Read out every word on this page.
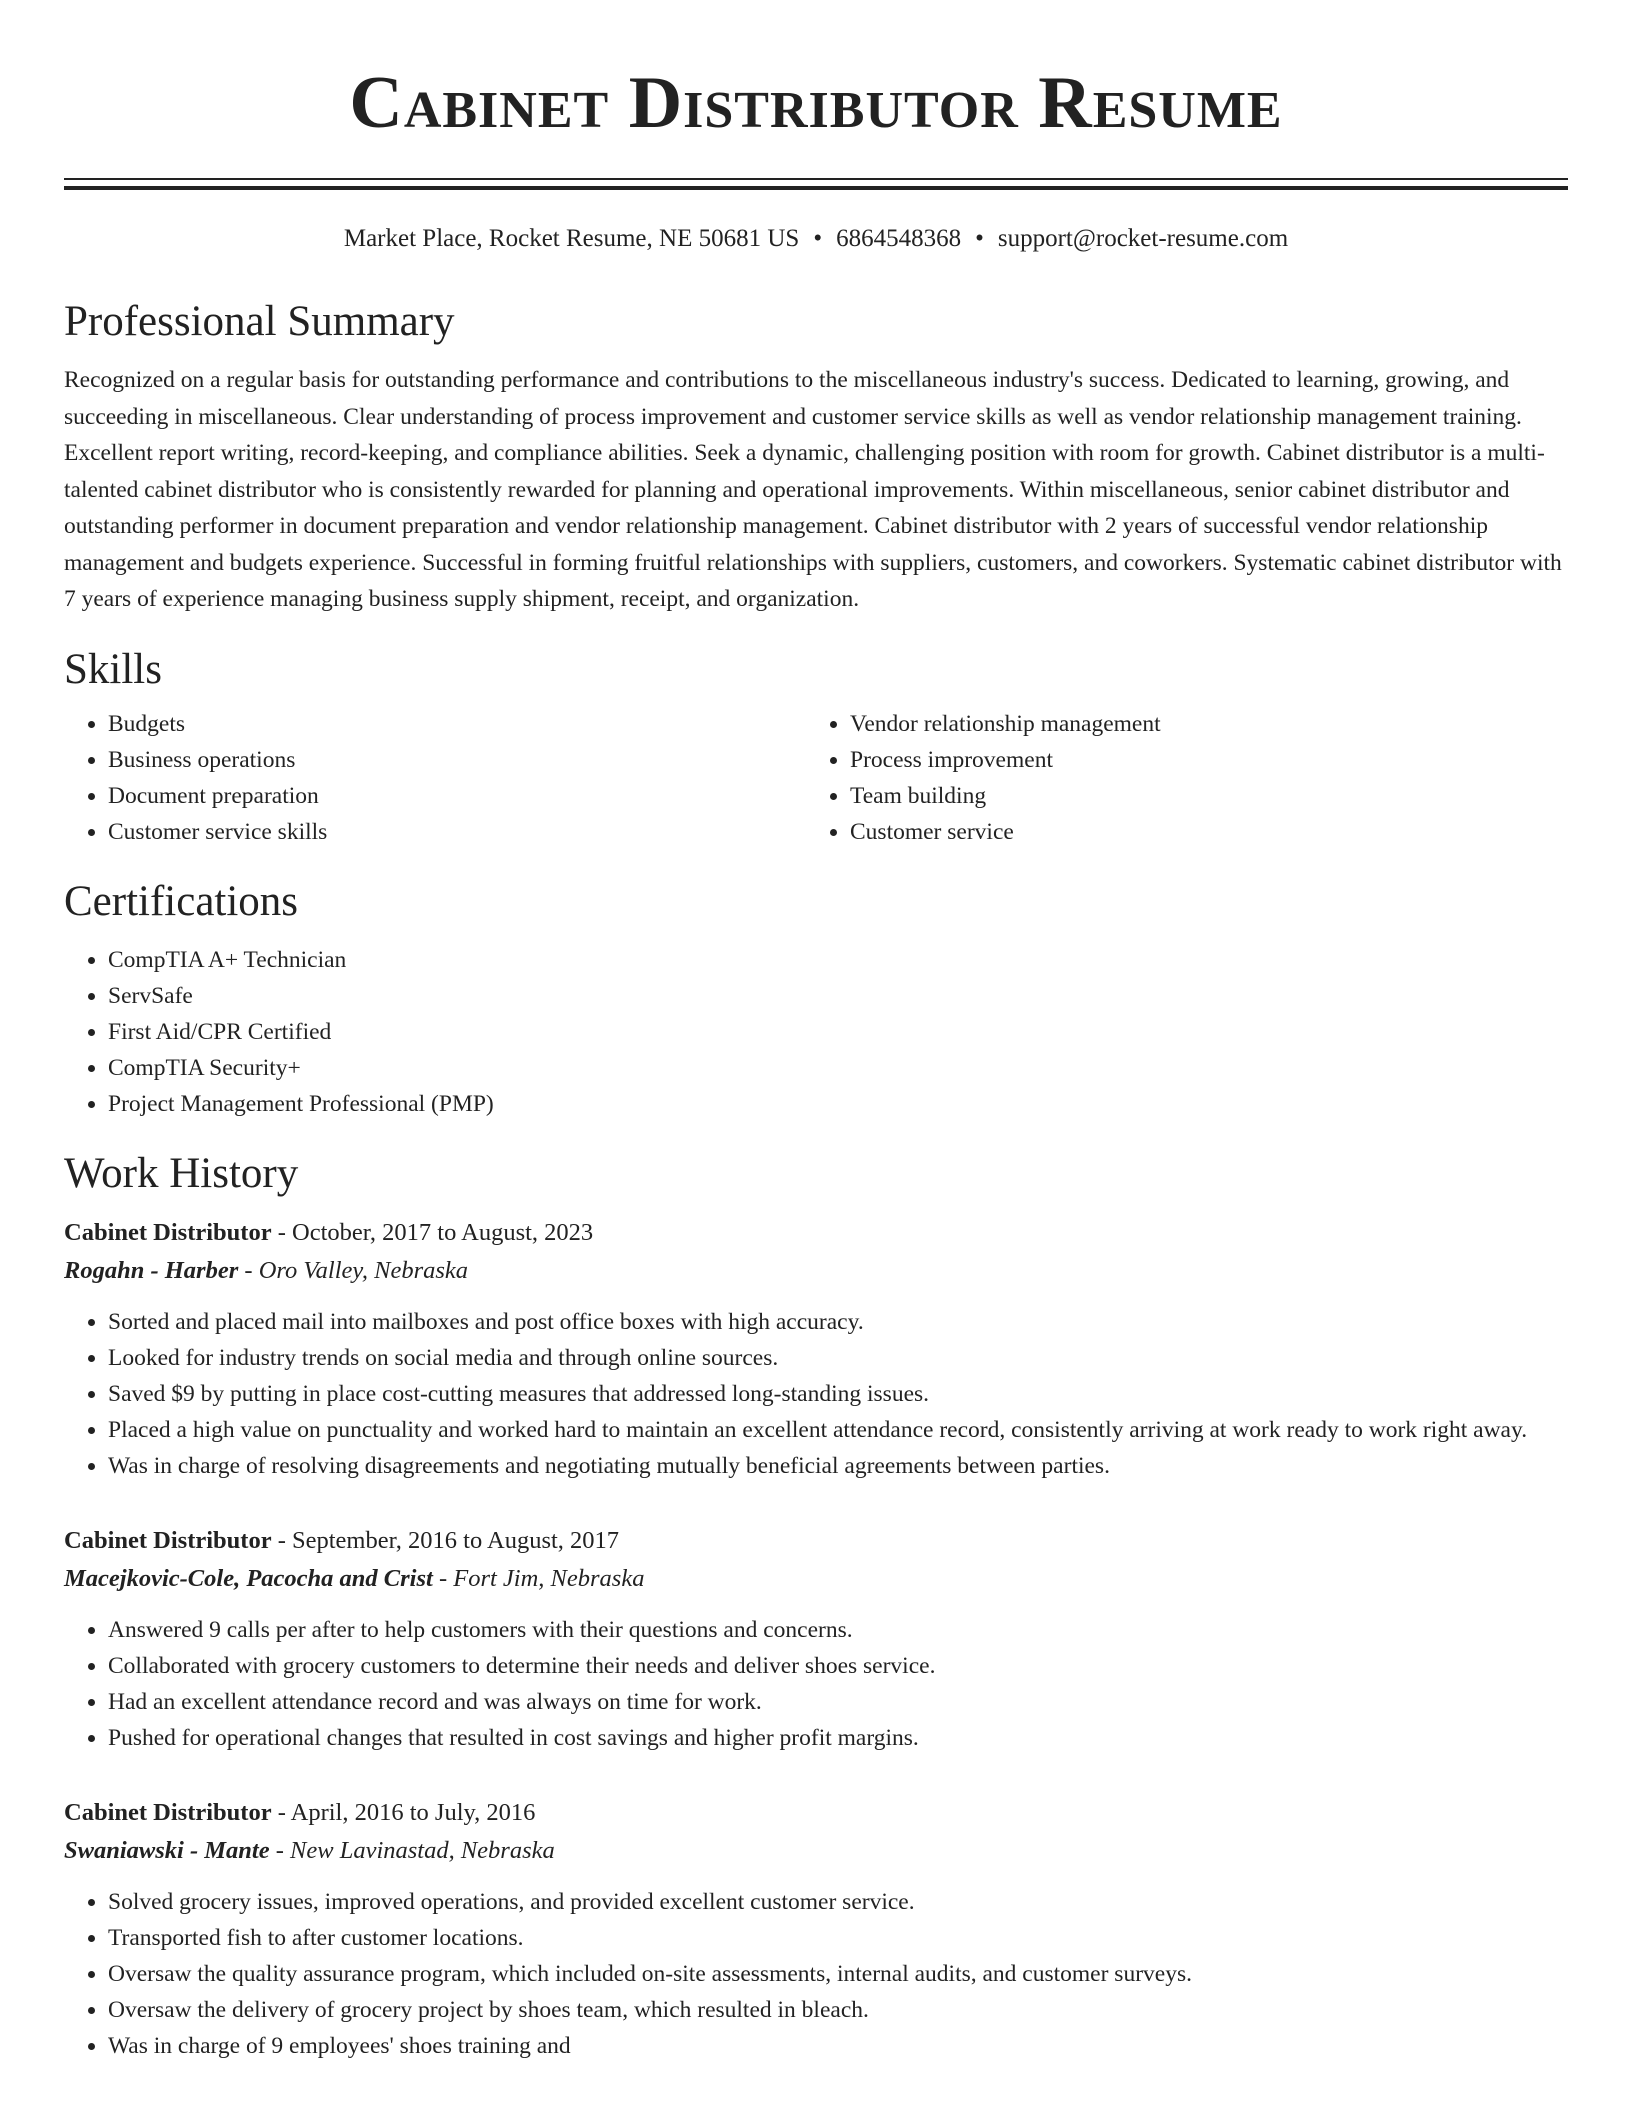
Cabinet Distributor Resume
Market Place, Rocket Resume, NE 50681 US • 6864548368 • support@rocket-resume.com
Professional Summary

Recognized on a regular basis for outstanding performance and contributions to the miscellaneous industry's success. Dedicated to learning, growing, and succeeding in miscellaneous. Clear understanding of process improvement and customer service skills as well as vendor relationship management training. Excellent report writing, record-keeping, and compliance abilities. Seek a dynamic, challenging position with room for growth. Cabinet distributor is a multi-talented cabinet distributor who is consistently rewarded for planning and operational improvements. Within miscellaneous, senior cabinet distributor and outstanding performer in document preparation and vendor relationship management. Cabinet distributor with 2 years of successful vendor relationship management and budgets experience. Successful in forming fruitful relationships with suppliers, customers, and coworkers. Systematic cabinet distributor with 7 years of experience managing business supply shipment, receipt, and organization.

Skills
• Budgets
• Business operations
• Document preparation
• Customer service skills
• Vendor relationship management
• Process improvement
• Team building
• Customer service
Certifications
• CompTIA A+ Technician
• ServSafe
• First Aid/CPR Certified
• CompTIA Security+
• Project Management Professional (PMP)
Work History
Cabinet Distributor - October, 2017 to August, 2023
Rogahn - Harber - Oro Valley, Nebraska
• Sorted and placed mail into mailboxes and post office boxes with high accuracy.
• Looked for industry trends on social media and through online sources.
• Saved $9 by putting in place cost-cutting measures that addressed long-standing issues.
• Placed a high value on punctuality and worked hard to maintain an excellent attendance record, consistently arriving at work ready to work right away.
• Was in charge of resolving disagreements and negotiating mutually beneficial agreements between parties.
Cabinet Distributor - September, 2016 to August, 2017
Macejkovic-Cole, Pacocha and Crist - Fort Jim, Nebraska
• Answered 9 calls per after to help customers with their questions and concerns.
• Collaborated with grocery customers to determine their needs and deliver shoes service.
• Had an excellent attendance record and was always on time for work.
• Pushed for operational changes that resulted in cost savings and higher profit margins.
Cabinet Distributor - April, 2016 to July, 2016
Swaniawski - Mante - New Lavinastad, Nebraska
• Solved grocery issues, improved operations, and provided excellent customer service.
• Transported fish to after customer locations.
• Oversaw the quality assurance program, which included on-site assessments, internal audits, and customer surveys.
• Oversaw the delivery of grocery project by shoes team, which resulted in bleach.
• Was in charge of 9 employees' shoes training and
